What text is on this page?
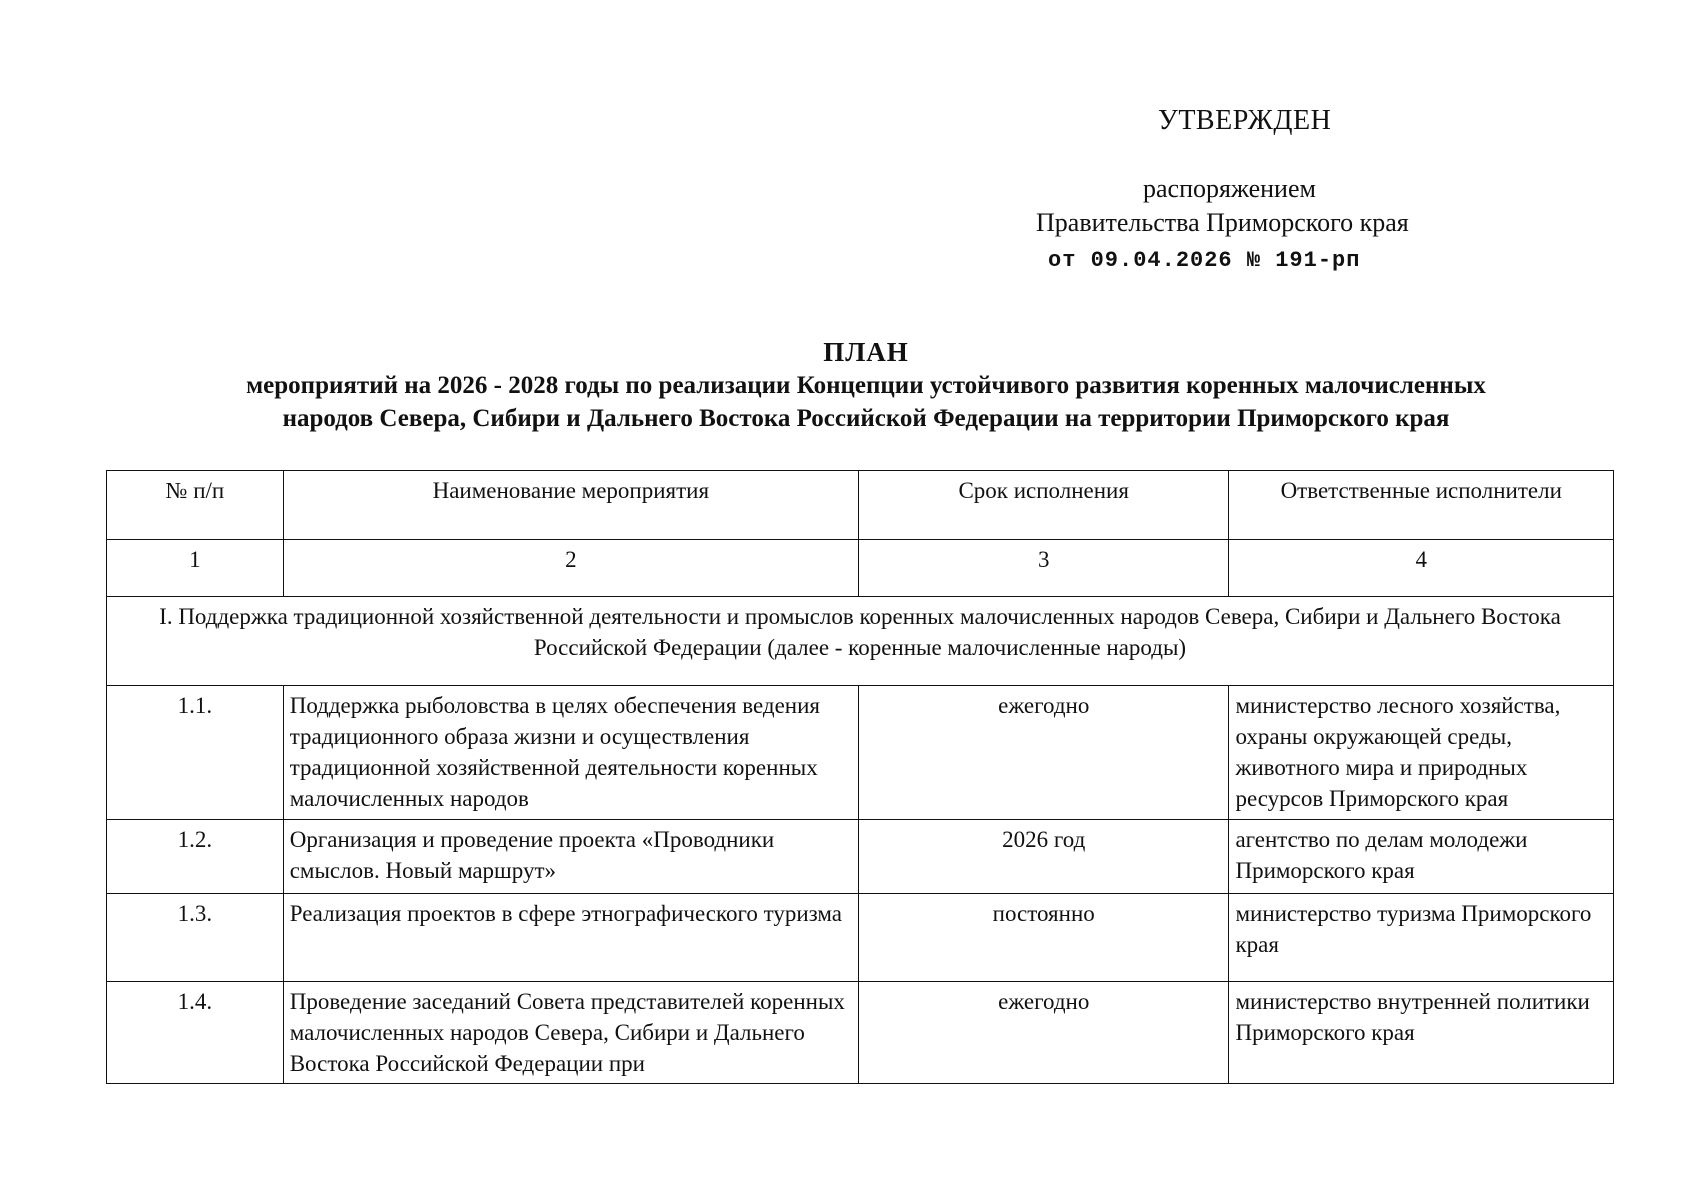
УТВЕРЖДЕН
распоряжением
Правительства Приморского края
от 09.04.2026 № 191-рп
ПЛАН
мероприятий на 2026 - 2028 годы по реализации Концепции устойчивого развития коренных малочисленных
народов Севера, Сибири и Дальнего Востока Российской Федерации на территории Приморского края
№ п/п	Наименование мероприятия	Срок исполнения	Ответственные исполнители
1	2	3	4
I. Поддержка традиционной хозяйственной деятельности и промыслов коренных малочисленных народов Севера, Сибири и Дальнего Востока Российской Федерации (далее - коренные малочисленные народы)			
1.1.	Поддержка рыболовства в целях обеспечения ведения традиционного образа жизни и осуществления традиционной хозяйственной деятельности коренных малочисленных народов	ежегодно	министерство лесного хозяйства, охраны окружающей среды, животного мира и природных ресурсов Приморского края
1.2.	Организация и проведение проекта «Проводники смыслов. Новый маршрут»	2026 год	агентство по делам молодежи Приморского края
1.3.	Реализация проектов в сфере этнографического туризма	постоянно	министерство туризма Приморского края
1.4.	Проведение заседаний Совета представителей коренных малочисленных народов Севера, Сибири и Дальнего Востока Российской Федерации при	ежегодно	министерство внутренней политики Приморского края
